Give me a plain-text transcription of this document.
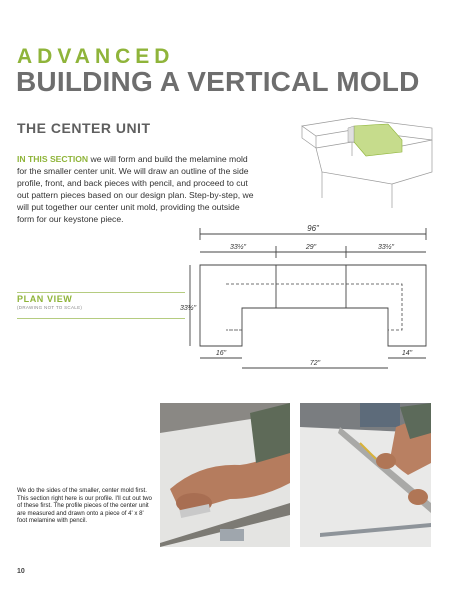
ADVANCED
BUILDING A VERTICAL MOLD
THE CENTER UNIT
IN THIS SECTION we will form and build the melamine mold for the smaller center unit. We will draw an outline of the side profile, front, and back pieces with pencil, and proceed to cut out pattern pieces based on our design plan. Step-by-step, we will put together our center unit mold, providing the outside form for our keystone piece.
96"
33½"	29"	33½"
33½"
16"
72"
14"
PLAN VIEW
(DRAWING NOT TO SCALE)
We do the sides of the smaller, center mold first. This section right here is our profile. I'll cut out two of these first. The profile pieces of the center unit are measured and drawn onto a piece of 4' x 8' foot melamine with pencil.
10
